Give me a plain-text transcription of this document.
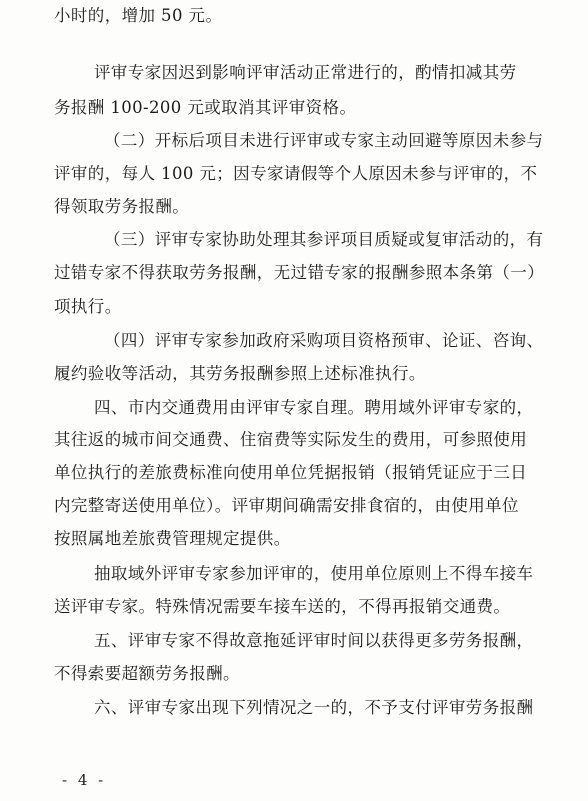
小时的，增加 50 元。
评审专家因迟到影响评审活动正常进行的，酌情扣减其劳
务报酬 100-200 元或取消其评审资格。
（二）开标后项目未进行评审或专家主动回避等原因未参与
评审的，每人 100 元；因专家请假等个人原因未参与评审的，不
得领取劳务报酬。
（三）评审专家协助处理其参评项目质疑或复审活动的，有
过错专家不得获取劳务报酬，无过错专家的报酬参照本条第（一）
项执行。
（四）评审专家参加政府采购项目资格预审、论证、咨询、
履约验收等活动，其劳务报酬参照上述标准执行。
四、市内交通费用由评审专家自理。聘用域外评审专家的，
其往返的城市间交通费、住宿费等实际发生的费用，可参照使用
单位执行的差旅费标准向使用单位凭据报销（报销凭证应于三日
内完整寄送使用单位）。评审期间确需安排食宿的，由使用单位
按照属地差旅费管理规定提供。
抽取域外评审专家参加评审的，使用单位原则上不得车接车
送评审专家。特殊情况需要车接车送的，不得再报销交通费。
五、评审专家不得故意拖延评审时间以获得更多劳务报酬，
不得索要超额劳务报酬。
六、评审专家出现下列情况之一的，不予支付评审劳务报酬
- 4 -
